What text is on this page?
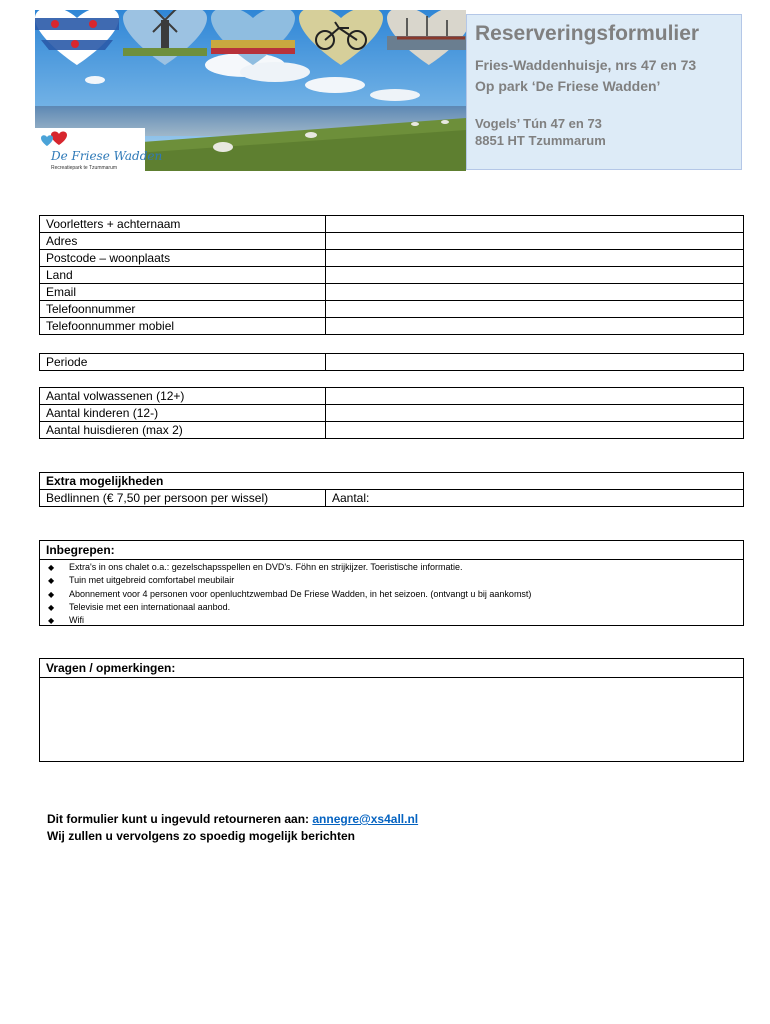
De Friese Wadden
Recreatiepark te Tzummarum

Reserveringsformulier

Fries-Waddenhuisje, nrs 47 en 73

Op park ‘De Friese Wadden’

Vogels’ Tún 47 en 73

8851 HT Tzummarum

Voorletters + achternaam	
Adres	
Postcode – woonplaats	
Land	
Email	
Telefoonnummer	
Telefoonnummer mobiel	
Periode	
Aantal volwassenen (12+)	
Aantal kinderen (12-)	
Aantal huisdieren (max 2)	
Extra mogelijkheden
Bedlinnen (€ 7,50 per persoon per wissel)	Aantal:
Inbegrepen:
◆	Extra's in ons chalet o.a.: gezelschapsspellen en DVD's. Föhn en strijkijzer. Toeristische informatie.
◆	Tuin met uitgebreid comfortabel meubilair
◆	Abonnement voor 4 personen voor openluchtzwembad De Friese Wadden, in het seizoen. (ontvangt u bij aankomst)
◆	Televisie met een internationaal aanbod.
◆	Wifi
Vragen / opmerkingen:

Dit formulier kunt u ingevuld retourneren aan: annegre@xs4all.nl

Wij zullen u vervolgens zo spoedig mogelijk berichten
